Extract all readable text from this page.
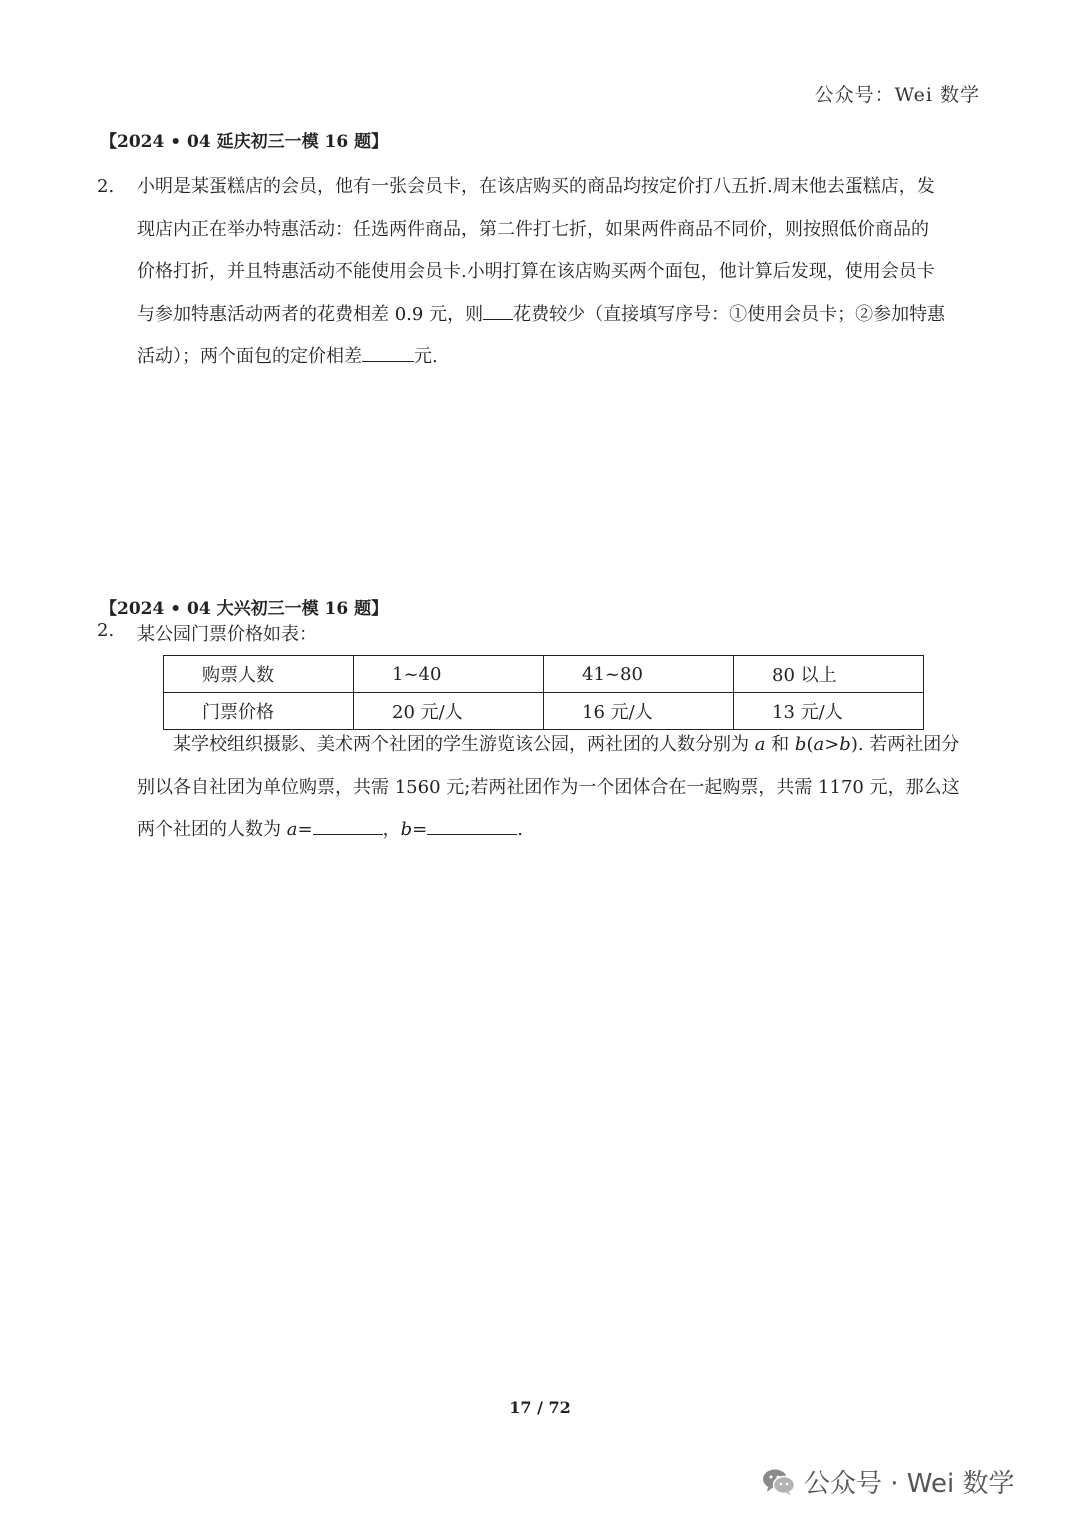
公众号：Wei 数学
【2024 • 04 延庆初三一模 16 题】
2. 小明是某蛋糕店的会员，他有一张会员卡，在该店购买的商品均按定价打八五折.周末他去蛋糕店，发
现店内正在举办特惠活动：任选两件商品，第二件打七折，如果两件商品不同价，则按照低价商品的
价格打折，并且特惠活动不能使用会员卡.小明打算在该店购买两个面包，他计算后发现，使用会员卡
与参加特惠活动两者的花费相差 0.9 元，则 花费较少（直接填写序号：①使用会员卡；②参加特惠
活动）；两个面包的定价相差	元.
【2024 • 04 大兴初三一模 16 题】
2. 某公园门票价格如表：
购票人数	1~40	41~80	80 以上
门票价格	20 元/人	16 元/人	13 元/人
某学校组织摄影、美术两个社团的学生游览该公园，两社团的人数分别为 a 和 b(a>b). 若两社团分
别以各自社团为单位购票，共需 1560 元;若两社团作为一个团体合在一起购票，共需 1170 元，那么这
两个社团的人数为 a=	，b=	.
17 / 72
公众号 · Wei 数学
